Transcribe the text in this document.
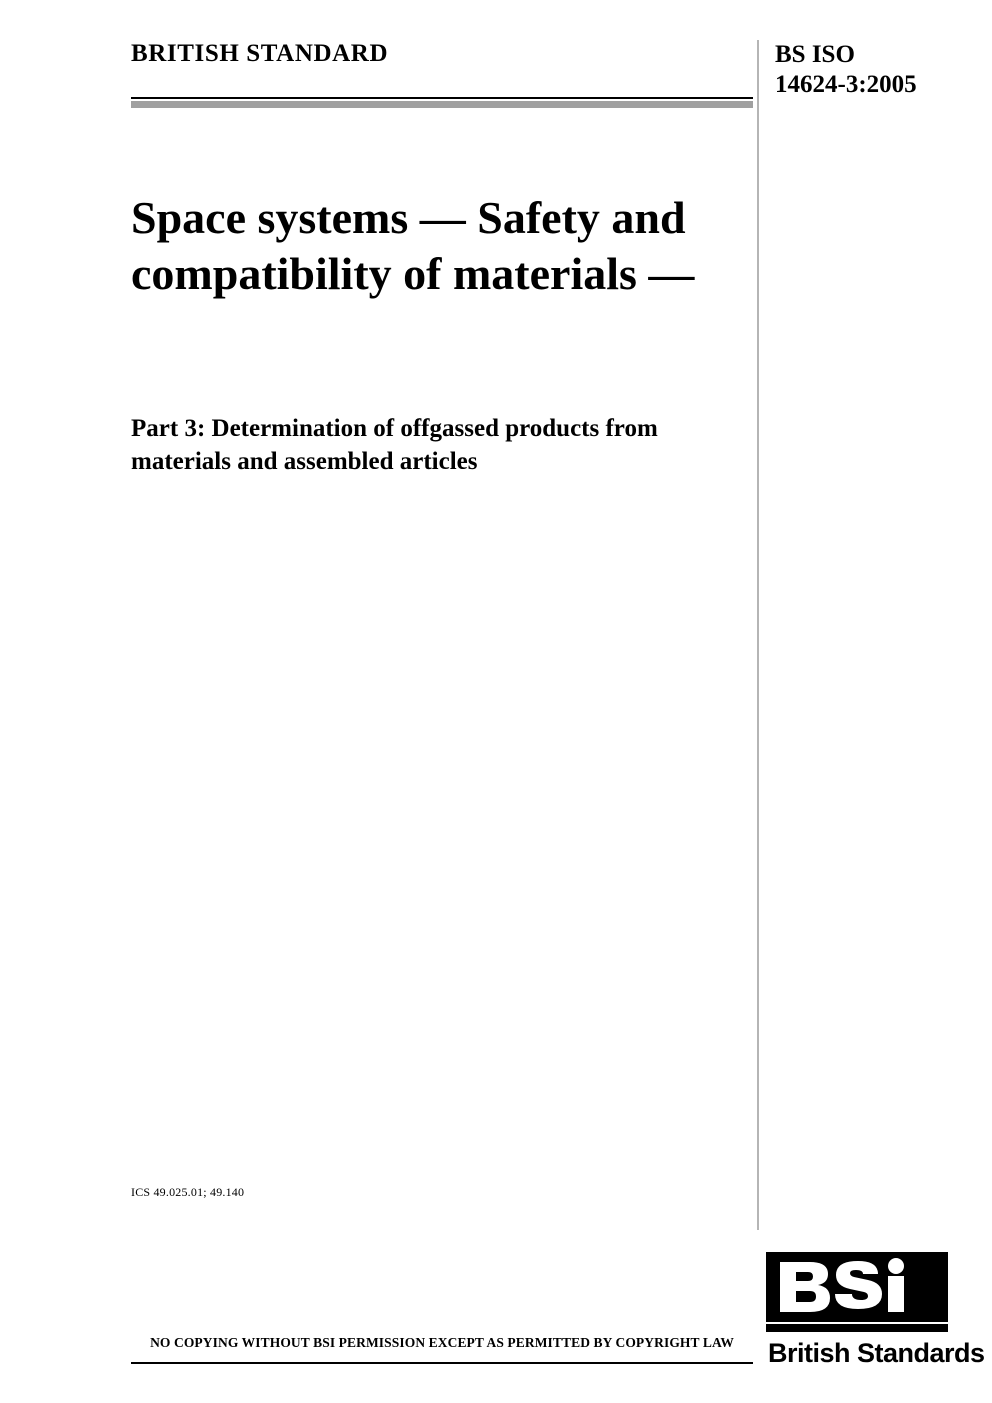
BRITISH STANDARD	BS ISO
14624-3:2005
Space systems — Safety and compatibility of materials —
Part 3: Determination of offgassed products from materials and assembled articles
ICS 49.025.01; 49.140
NO COPYING WITHOUT BSI PERMISSION EXCEPT AS PERMITTED BY COPYRIGHT LAW	British Standards
